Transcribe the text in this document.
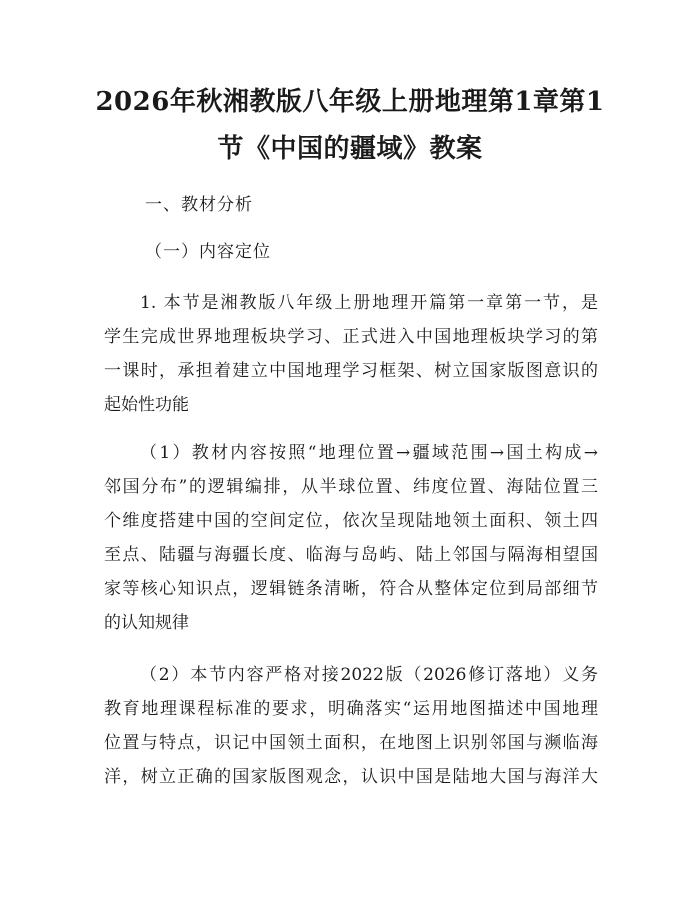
2026年秋湘教版八年级上册地理第1章第1
节《中国的疆域》教案
一、教材分析
（一）内容定位
1. 本节是湘教版八年级上册地理开篇第一章第一节，是
学生完成世界地理板块学习、正式进入中国地理板块学习的第
一课时，承担着建立中国地理学习框架、树立国家版图意识的
起始性功能
（1）教材内容按照“地理位置→疆域范围→国土构成→
邻国分布”的逻辑编排，从半球位置、纬度位置、海陆位置三
个维度搭建中国的空间定位，依次呈现陆地领土面积、领土四
至点、陆疆与海疆长度、临海与岛屿、陆上邻国与隔海相望国
家等核心知识点，逻辑链条清晰，符合从整体定位到局部细节
的认知规律
（2）本节内容严格对接2022版（2026修订落地）义务
教育地理课程标准的要求，明确落实“运用地图描述中国地理
位置与特点，识记中国领土面积，在地图上识别邻国与濒临海
洋，树立正确的国家版图观念，认识中国是陆地大国与海洋大
